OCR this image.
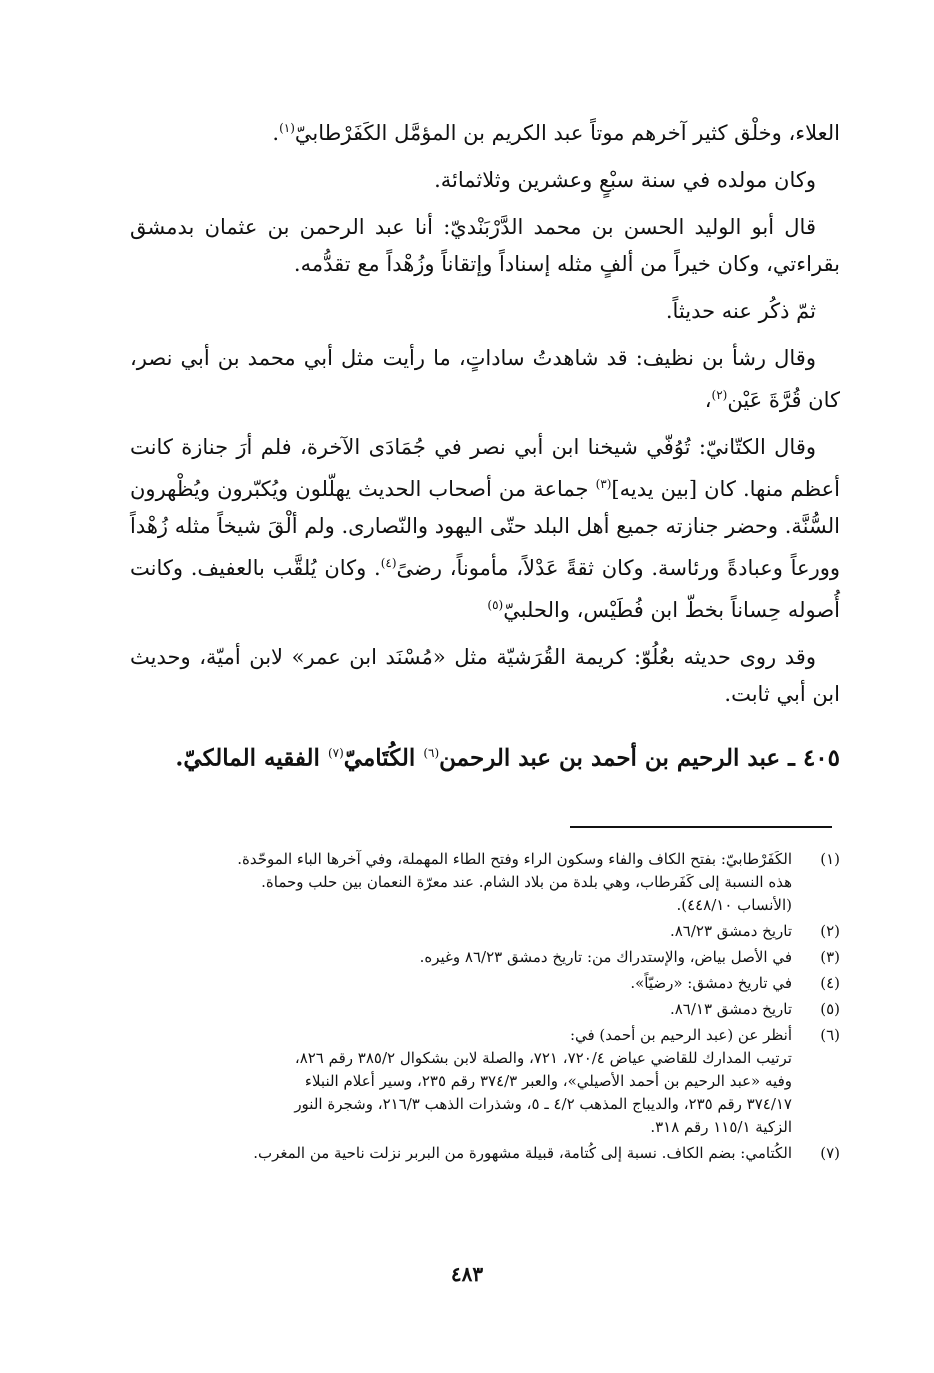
العلاء، وخلْق كثير آخرهم موتاً عبد الكريم بن المؤمَّل الكَفَرْطابيّ$^{(١)}$.

وكان مولده في سنة سبْعٍ وعشرين وثلاثمائة.

قال أبو الوليد الحسن بن محمد الدَّرْبَنْديّ: أنا عبد الرحمن بن عثمان بدمشق بقراءتي، وكان خيراً من ألفٍ مثله إسناداً وإتقاناً وزُهْداً مع تقدُّمه.

ثمّ ذكُر عنه حديثاً.

وقال رشأ بن نظيف: قد شاهدتُ ساداتٍ، ما رأيت مثل أبي محمد بن أبي نصر، كان قُرَّةَ عَيْن$^{(٢)}$،

وقال الكتّانيّ: تُوُفّي شيخنا ابن أبي نصر في جُمَادَى الآخرة، فلم أرَ جنازة كانت أعظم منها. كان [بين يديه]$^{(٣)}$ جماعة من أصحاب الحديث يهلّلون ويُكبّرون ويُظْهرون السُّنَّة. وحضر جنازته جميع أهل البلد حتّى اليهود والنّصارى. ولم ألْقَ شيخاً مثله زُهْداً وورعاً وعبادةً ورئاسة. وكان ثقةً عَدْلاً، مأموناً، رضىً$^{(٤)}$. وكان يُلقَّب بالعفيف. وكانت أُصوله حِساناً بخطّ ابن فُطَيْس، والحلبيّ$^{(٥)}$

وقد روى حديثه بعُلُوّ: كريمة القُرَشيّة مثل «مُسْنَد ابن عمر» لابن أميّة، وحديث ابن أبي ثابت.

٤٠٥ ـ عبد الرحيم بن أحمد بن عبد الرحمن$^{(٦)}$ الكُتَاميّ$^{(٧)}$ الفقيه المالكيّ.
(١)
الكَفَرْطابيّ: بفتح الكاف والفاء وسكون الراء وفتح الطاء المهملة، وفي آخرها الباء الموحّدة.
هذه النسبة إلى كَفَرطاب، وهي بلدة من بلاد الشام. عند معرّة النعمان بين حلب وحماة.
(الأنساب ٤٤٨/١٠).
(٢)
تاريخ دمشق ٨٦/٢٣.
(٣)
في الأصل بياض، والإستدراك من: تاريخ دمشق ٨٦/٢٣ وغيره.
(٤)
في تاريخ دمشق: «رضيّاً».
(٥)
تاريخ دمشق ٨٦/١٣.
(٦)
أنظر عن (عبد الرحيم بن أحمد) في:
ترتيب المدارك للقاضي عياض ٧٢٠/٤، ٧٢١، والصلة لابن بشكوال ٣٨٥/٢ رقم ٨٢٦،
وفيه «عبد الرحيم بن أحمد الأصيلي»، والعبر ٣٧٤/٣ رقم ٢٣٥، وسير أعلام النبلاء
٣٧٤/١٧ رقم ٢٣٥، والديباج المذهب ٤/٢ ـ ٥، وشذرات الذهب ٢١٦/٣، وشجرة النور
الزكية ١١٥/١ رقم ٣١٨.
(٧)
الكُتامي: بضم الكاف. نسبة إلى كُتامة، قبيلة مشهورة من البربر نزلت ناحية من المغرب.
٤٨٣
